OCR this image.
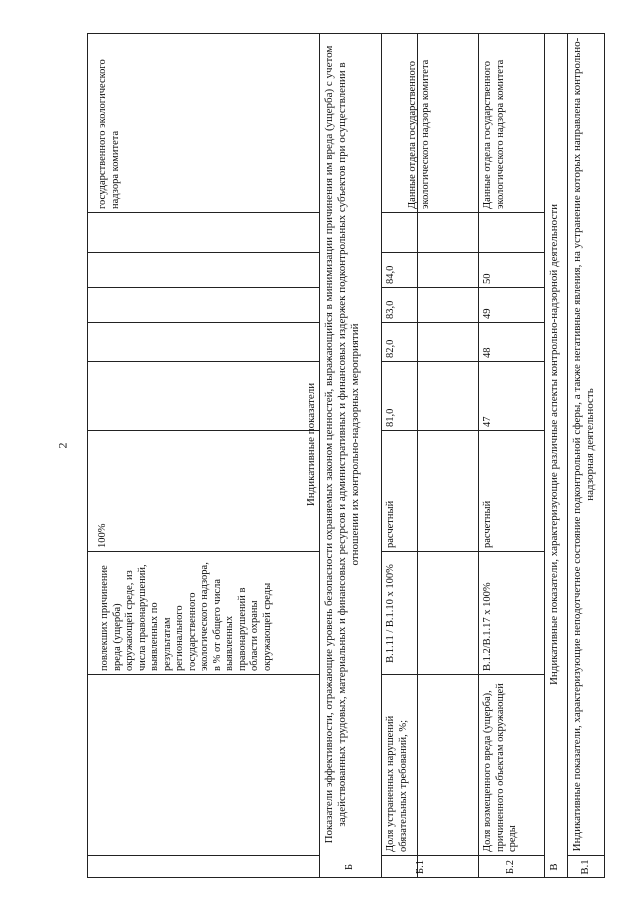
2
повлекших причинение вреда (ущерба) окружающей среде, из числа правонарушений, выявленных по результатам регионального государственного экологического надзора, в % от общего числа выявленных правонарушений в области охраны окружающей среды
100%
государственного экологического надзора комитета
Б
Показатели эффективности, отражающие уровень безопасности охраняемых законом ценностей, выражающийся в минимизации причинения им вреда (ущерба) с учетом задействованных трудовых, материальных и финансовых ресурсов и административных и финансовых издержек подконтрольных субъектов при осуществлении в отношении их контрольно-надзорных мероприятий
Б.1
Доля устраненных нарушений обязательных требований, %;
В.1.11 / В.1.10 х 100%
расчетный
81,0
82,0
83,0
84,0
Данные отдела государственного экологического надзора комитета
Б.2
Доля возмещенного вреда (ущерба), причиненного объектам окружающей среды
В.1.2/В.1.17 х 100%
расчетный
47
48
49
50
Данные отдела государственного экологического надзора комитета
В
Индикативные показатели, характеризующие различные аспекты контрольно-надзорной деятельности
Индикативные показатели
В.1
Индикативные показатели, характеризующие неподотчетное состояние подконтрольной сферы, а также негативные явления, на устранение которых направлена контрольно-надзорная деятельность
